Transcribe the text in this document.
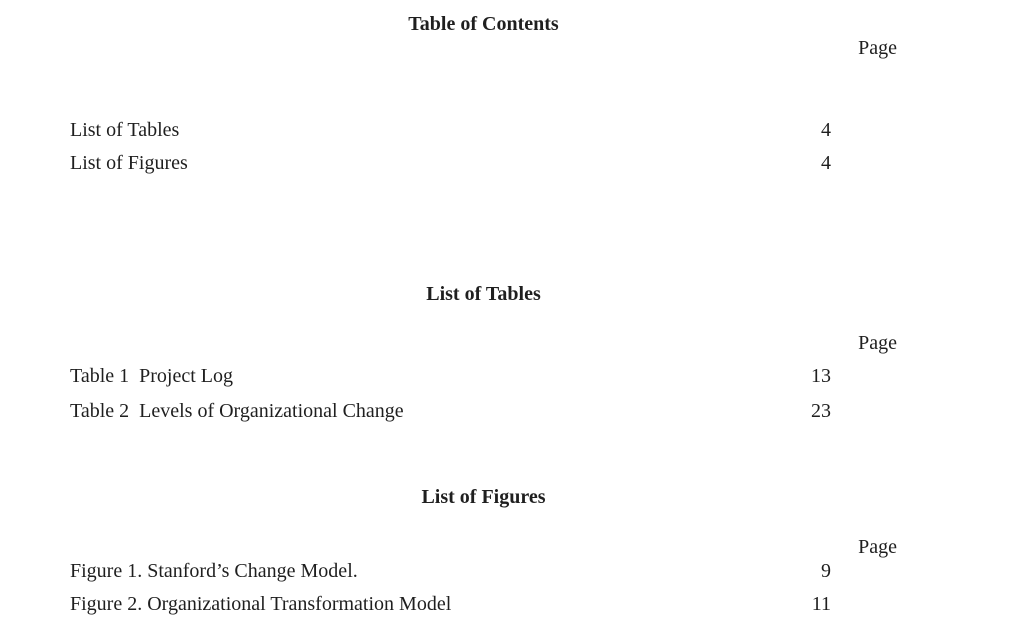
Table of Contents
Page
List of Tables	4
List of Figures	4
List of Tables
Page
Table 1  Project Log	13
Table 2  Levels of Organizational Change	23
List of Figures
Page
Figure 1. Stanford’s Change Model.	9
Figure 2. Organizational Transformation Model	11
